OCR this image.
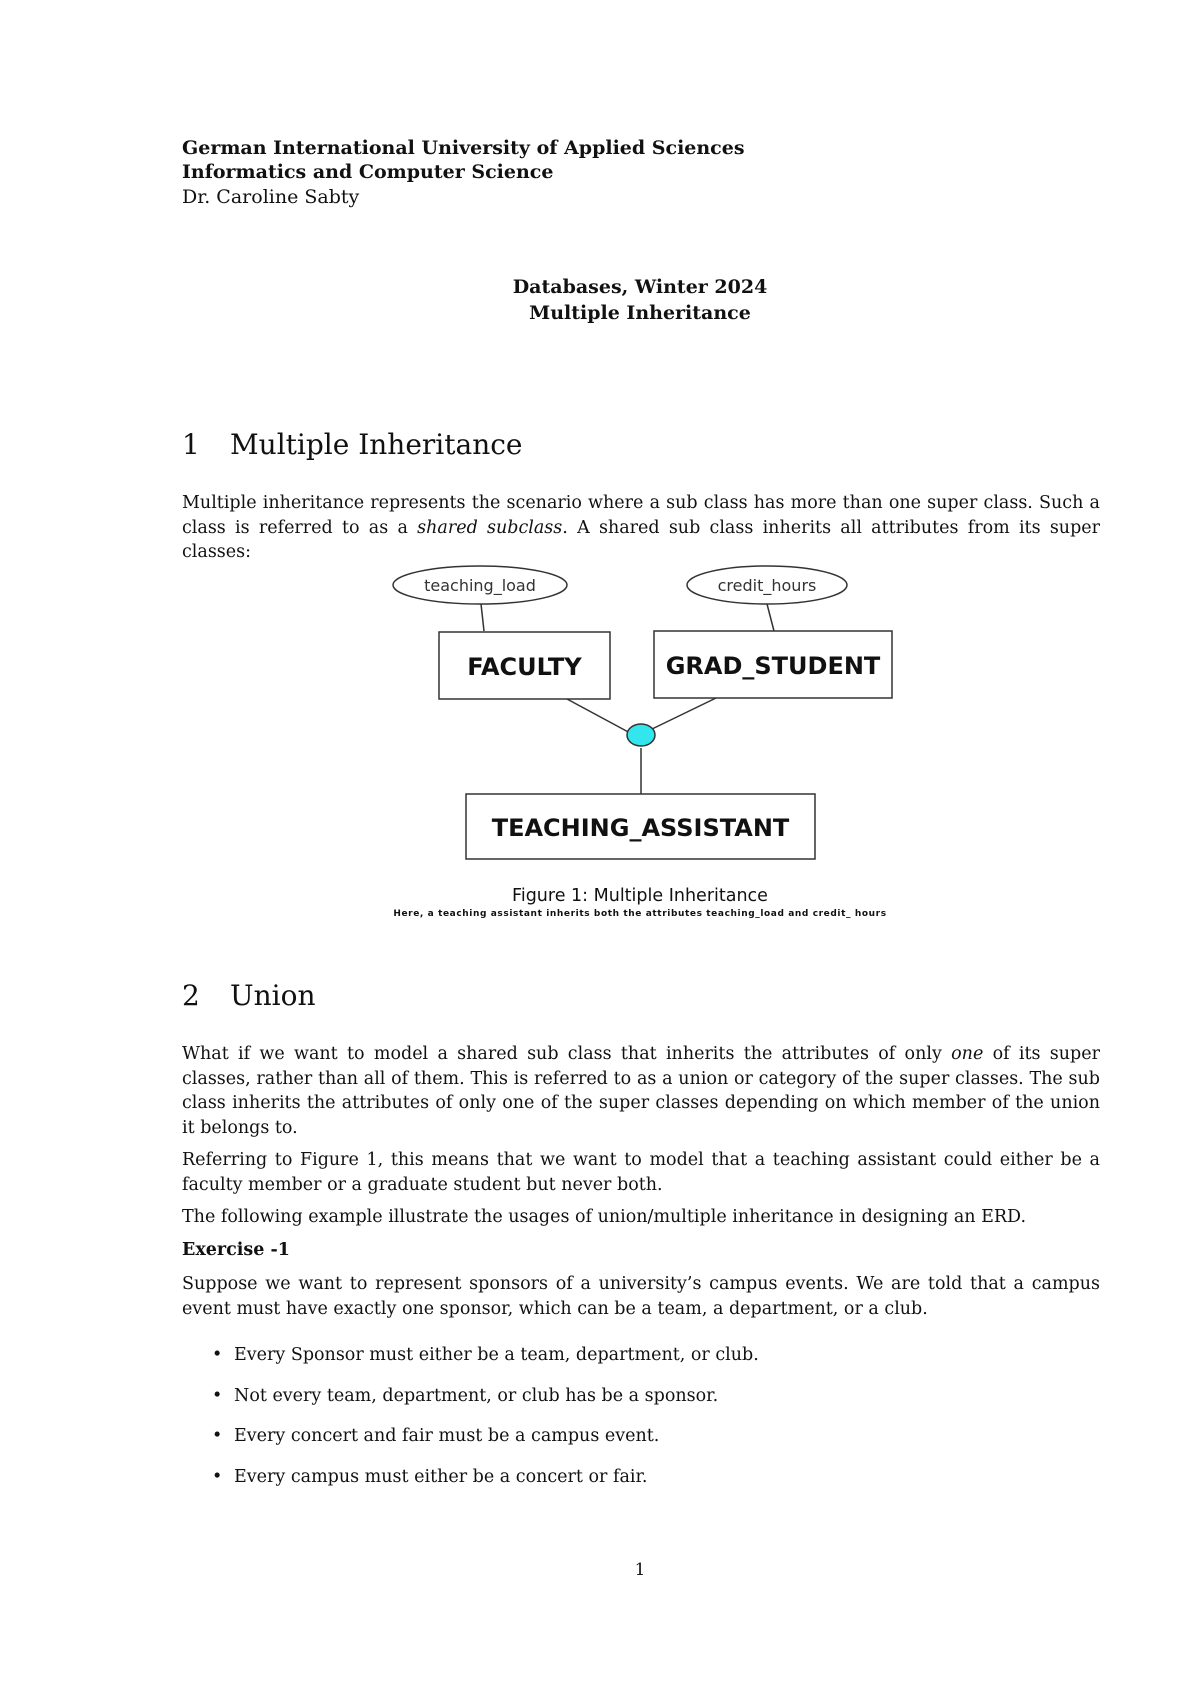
German International University of Applied Sciences
Informatics and Computer Science
Dr. Caroline Sabty
Databases, Winter 2024
Multiple Inheritance
1 Multiple Inheritance
Multiple inheritance represents the scenario where a sub class has more than one super class. Such a class is referred to as a shared subclass. A shared sub class inherits all attributes from its super classes:
teaching_load	credit_hours
FACULTY	GRAD_STUDENT
TEACHING_ASSISTANT
Figure 1: Multiple Inheritance
Here, a teaching assistant inherits both the attributes teaching_load and credit_ hours
2 Union
What if we want to model a shared sub class that inherits the attributes of only one of its super classes, rather than all of them. This is referred to as a union or category of the super classes. The sub class inherits the attributes of only one of the super classes depending on which member of the union it belongs to.
Referring to Figure 1, this means that we want to model that a teaching assistant could either be a faculty member or a graduate student but never both.
The following example illustrate the usages of union/multiple inheritance in designing an ERD.
Exercise -1
Suppose we want to represent sponsors of a university’s campus events. We are told that a campus event must have exactly one sponsor, which can be a team, a department, or a club.
• Every Sponsor must either be a team, department, or club.
• Not every team, department, or club has be a sponsor.
• Every concert and fair must be a campus event.
• Every campus must either be a concert or fair.
1
